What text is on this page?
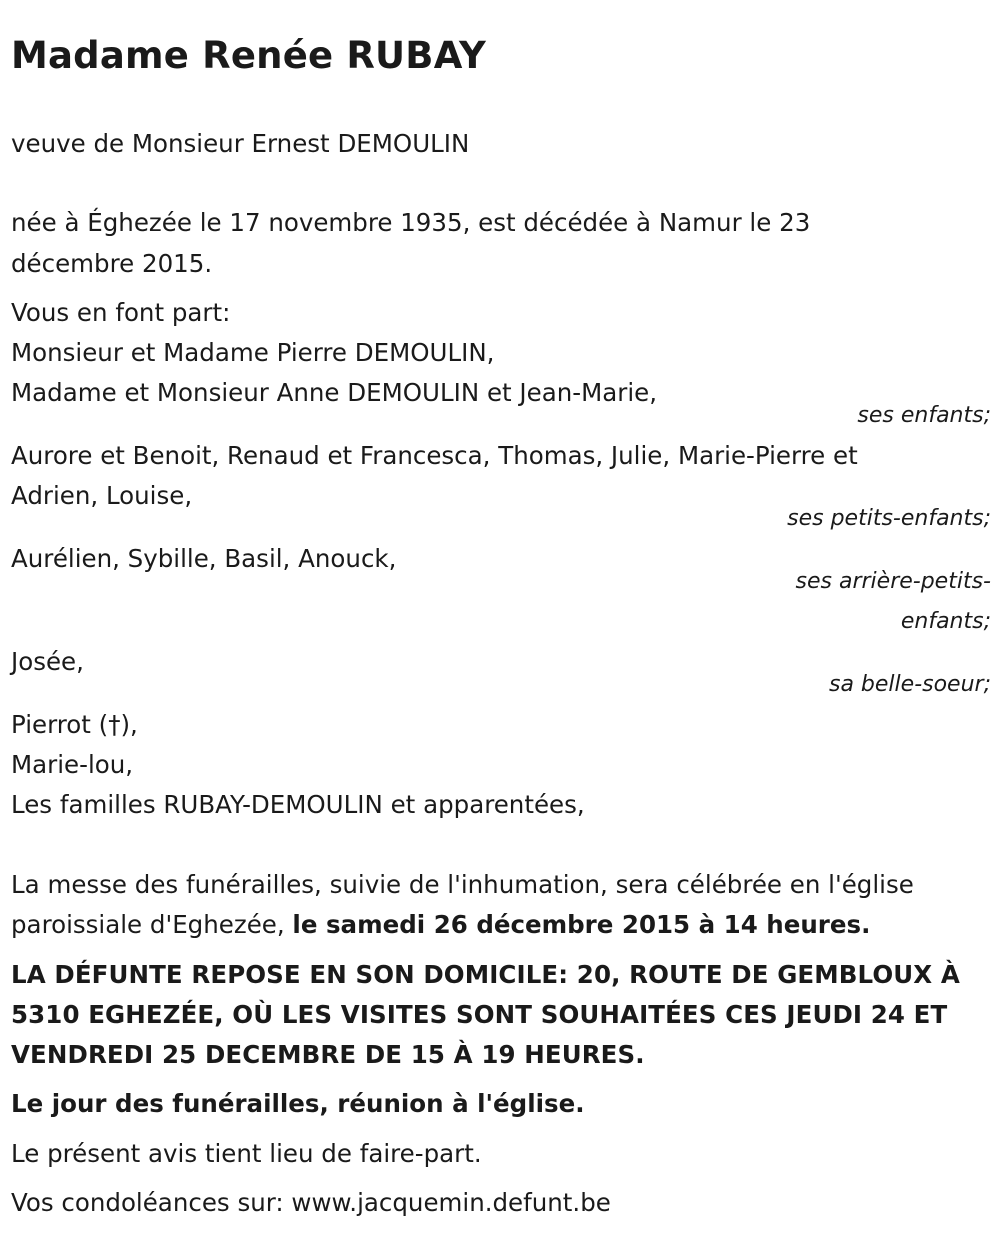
Madame Renée RUBAY
veuve de Monsieur Ernest DEMOULIN
née à Éghezée le 17 novembre 1935, est décédée à Namur le 23
décembre 2015.
Vous en font part:
Monsieur et Madame Pierre DEMOULIN,
Madame et Monsieur Anne DEMOULIN et Jean-Marie,
ses enfants;
Aurore et Benoit, Renaud et Francesca, Thomas, Julie, Marie-Pierre et
Adrien, Louise,
ses petits-enfants;
Aurélien, Sybille, Basil, Anouck,
ses arrière-petits-
enfants;
Josée,
sa belle-soeur;
Pierrot (†),
Marie-lou,
Les familles RUBAY-DEMOULIN et apparentées,
La messe des funérailles, suivie de l'inhumation, sera célébrée en l'église
paroissiale d'Eghezée, le samedi 26 décembre 2015 à 14 heures.
LA DÉFUNTE REPOSE EN SON DOMICILE: 20, ROUTE DE GEMBLOUX À
5310 EGHEZÉE, OÙ LES VISITES SONT SOUHAITÉES CES JEUDI 24 ET
VENDREDI 25 DECEMBRE DE 15 À 19 HEURES.
Le jour des funérailles, réunion à l'église.
Le présent avis tient lieu de faire-part.
Vos condoléances sur: www.jacquemin.defunt.be
